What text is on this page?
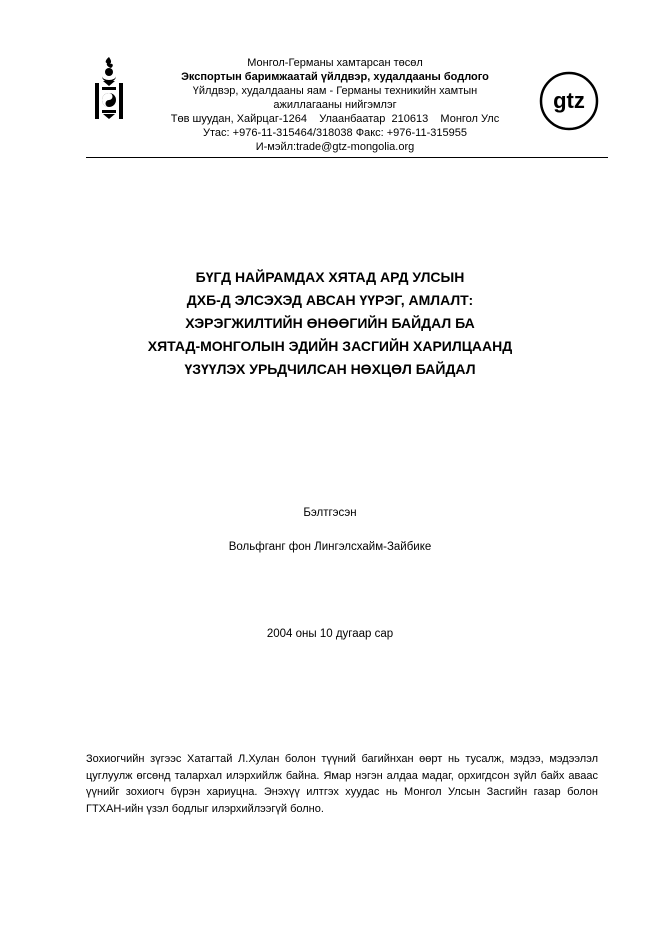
Монгол-Германы хамтарсан төсөл
Экспортын баримжаатай үйлдвэр, худалдааны бодлого
Үйлдвэр, худалдааны яам - Германы техникийн хамтын
ажиллагааны нийгэмлэг
Төв шуудан, Хайрцаг-1264    Улаанбаатар  210613    Монгол Улс
Утас: +976-11-315464/318038 Факс: +976-11-315955
И-мэйл:trade@gtz-mongolia.org
gtz
БҮГД НАЙРАМДАХ ХЯТАД АРД УЛСЫН
ДХБ-Д ЭЛСЭХЭД АВСАН ҮҮРЭГ, АМЛАЛТ:
ХЭРЭГЖИЛТИЙН ӨНӨӨГИЙН БАЙДАЛ БА
ХЯТАД-МОНГОЛЫН ЭДИЙН ЗАСГИЙН ХАРИЛЦААНД
ҮЗҮҮЛЭХ УРЬДЧИЛСАН НӨХЦӨЛ БАЙДАЛ
Бэлтгэсэн
Вольфганг фон Лингэлсхайм-Зайбике
2004 оны 10 дугаар сар
Зохиогчийн зүгээс Хатагтай Л.Хулан болон түүний багийнхан өөрт нь тусалж, мэдээ, мэдээлэл цуглуулж өгсөнд талархал илэрхийлж байна. Ямар нэгэн алдаа мадаг, орхигдсон зүйл байх аваас үүнийг зохиогч бүрэн хариуцна. Энэхүү илтгэх хуудас нь Монгол Улсын Засгийн газар болон ГТХАН-ийн үзэл бодлыг илэрхийлээгүй болно.
